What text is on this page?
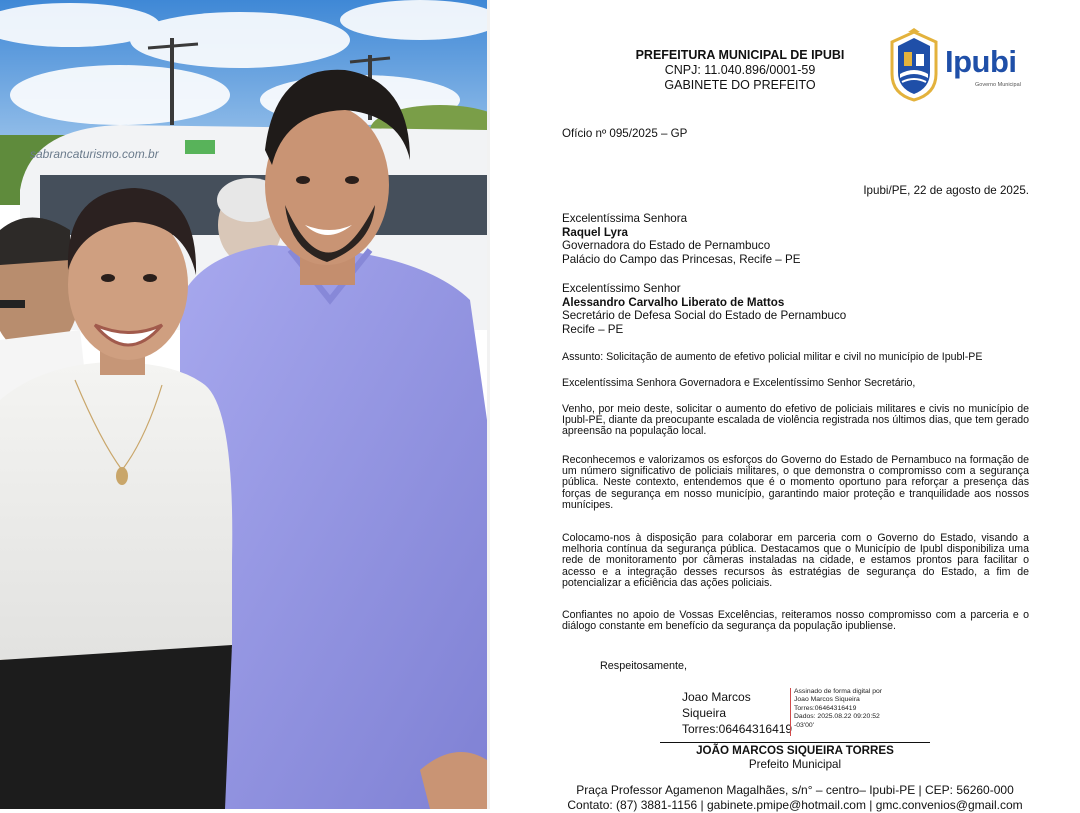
sabrancaturismo.com.br
PREFEITURA MUNICIPAL DE IPUBI
CNPJ: 11.040.896/0001-59
GABINETE DO PREFEITO
Ipubi
Governo Municipal
Ofício nº 095/2025 – GP
Ipubi/PE, 22 de agosto de 2025.
Excelentíssima Senhora
Raquel Lyra
Governadora do Estado de Pernambuco
Palácio do Campo das Princesas, Recife – PE
Excelentíssimo Senhor
Alessandro Carvalho Liberato de Mattos
Secretário de Defesa Social do Estado de Pernambuco
Recife – PE
Assunto: Solicitação de aumento de efetivo policial militar e civil no município de Ipubl-PE
Excelentíssima Senhora Governadora e Excelentíssimo Senhor Secretário,
Venho, por meio deste, solicitar o aumento do efetivo de policiais militares e civis no município de Ipubl-PE, diante da preocupante escalada de violência registrada nos últimos dias, que tem gerado apreensão na população local.
Reconhecemos e valorizamos os esforços do Governo do Estado de Pernambuco na formação de um número significativo de policiais militares, o que demonstra o compromisso com a segurança pública. Neste contexto, entendemos que é o momento oportuno para reforçar a presença das forças de segurança em nosso município, garantindo maior proteção e tranquilidade aos nossos munícipes.
Colocamo-nos à disposição para colaborar em parceria com o Governo do Estado, visando a melhoria contínua da segurança pública. Destacamos que o Município de Ipubl disponibiliza uma rede de monitoramento por câmeras instaladas na cidade, e estamos prontos para facilitar o acesso e a integração desses recursos às estratégias de segurança do Estado, a fim de potencializar a eficiência das ações policiais.
Confiantes no apoio de Vossas Excelências, reiteramos nosso compromisso com a parceria e o diálogo constante em benefício da segurança da população ipubliense.
Respeitosamente,
Joao Marcos
Siqueira
Torres:06464316419
Assinado de forma digital por
Joao Marcos Siqueira
Torres:06464316419
Dados: 2025.08.22 09:20:52
-03'00'
JOÃO MARCOS SIQUEIRA TORRES
Prefeito Municipal
Praça Professor Agamenon Magalhães, s/n° – centro– Ipubi-PE | CEP: 56260-000
Contato: (87) 3881-1156 | gabinete.pmipe@hotmail.com | gmc.convenios@gmail.com
